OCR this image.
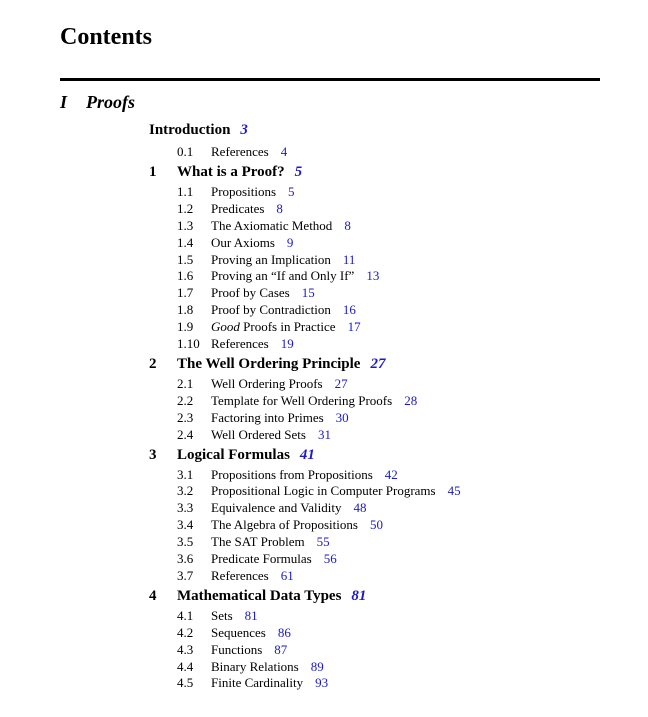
Contents
I Proofs
Introduction 3
0.1 References 4
1 What is a Proof? 5
1.1 Propositions 5
1.2 Predicates 8
1.3 The Axiomatic Method 8
1.4 Our Axioms 9
1.5 Proving an Implication 11
1.6 Proving an “If and Only If” 13
1.7 Proof by Cases 15
1.8 Proof by Contradiction 16
1.9 Good Proofs in Practice 17
1.10 References 19
2 The Well Ordering Principle 27
2.1 Well Ordering Proofs 27
2.2 Template for Well Ordering Proofs 28
2.3 Factoring into Primes 30
2.4 Well Ordered Sets 31
3 Logical Formulas 41
3.1 Propositions from Propositions 42
3.2 Propositional Logic in Computer Programs 45
3.3 Equivalence and Validity 48
3.4 The Algebra of Propositions 50
3.5 The SAT Problem 55
3.6 Predicate Formulas 56
3.7 References 61
4 Mathematical Data Types 81
4.1 Sets 81
4.2 Sequences 86
4.3 Functions 87
4.4 Binary Relations 89
4.5 Finite Cardinality 93
